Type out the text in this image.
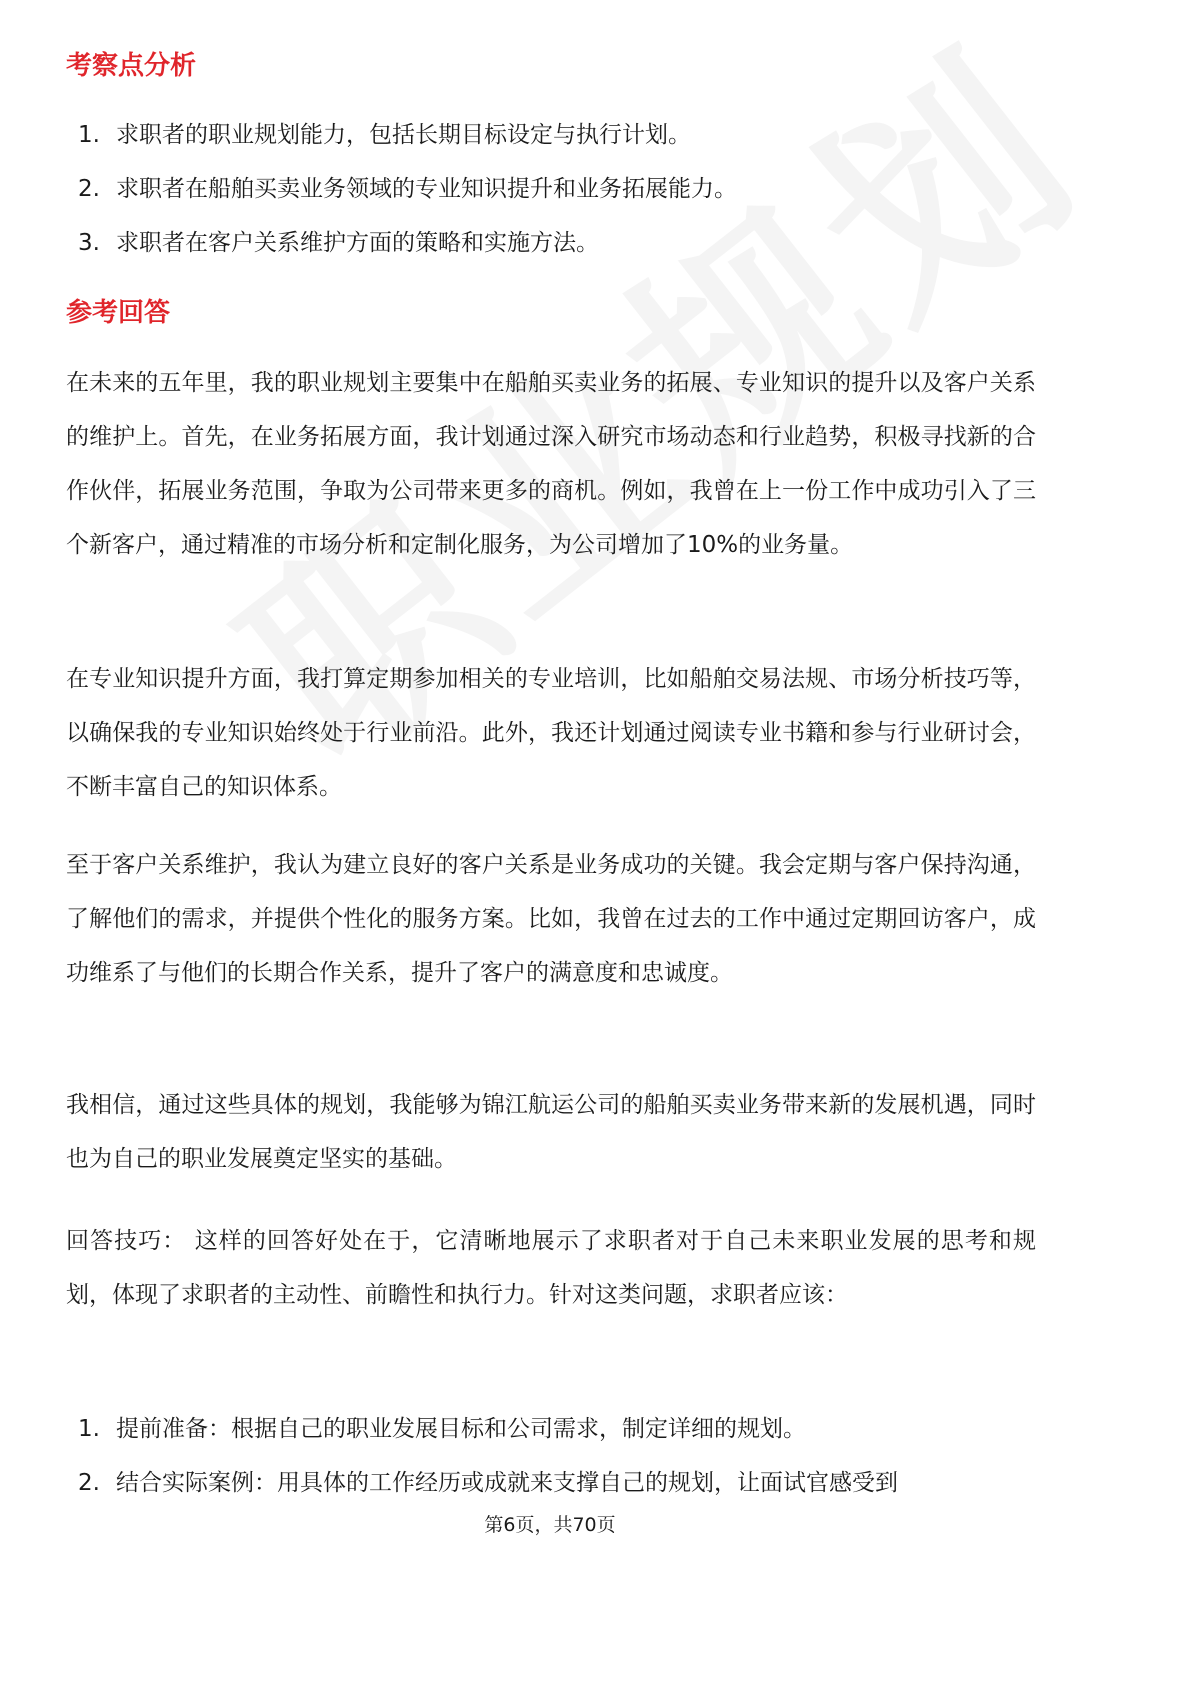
考察点分析
1. 求职者的职业规划能力，包括长期目标设定与执行计划。
2. 求职者在船舶买卖业务领域的专业知识提升和业务拓展能力。
3. 求职者在客户关系维护方面的策略和实施方法。
参考回答

在未来的五年里，我的职业规划主要集中在船舶买卖业务的拓展、专业知识的提升以及客户关系的维护上。首先，在业务拓展方面，我计划通过深入研究市场动态和行业趋势，积极寻找新的合作伙伴，拓展业务范围，争取为公司带来更多的商机。例如，我曾在上一份工作中成功引入了三个新客户，通过精准的市场分析和定制化服务，为公司增加了10%的业务量。

在专业知识提升方面，我打算定期参加相关的专业培训，比如船舶交易法规、市场分析技巧等，以确保我的专业知识始终处于行业前沿。此外，我还计划通过阅读专业书籍和参与行业研讨会，不断丰富自己的知识体系。

至于客户关系维护，我认为建立良好的客户关系是业务成功的关键。我会定期与客户保持沟通，了解他们的需求，并提供个性化的服务方案。比如，我曾在过去的工作中通过定期回访客户，成功维系了与他们的长期合作关系，提升了客户的满意度和忠诚度。

我相信，通过这些具体的规划，我能够为锦江航运公司的船舶买卖业务带来新的发展机遇，同时也为自己的职业发展奠定坚实的基础。

回答技巧： 这样的回答好处在于，它清晰地展示了求职者对于自己未来职业发展的思考和规划，体现了求职者的主动性、前瞻性和执行力。针对这类问题，求职者应该：

1. 提前准备：根据自己的职业发展目标和公司需求，制定详细的规划。
2. 结合实际案例：用具体的工作经历或成就来支撑自己的规划，让面试官感受到
第6页，共70页
